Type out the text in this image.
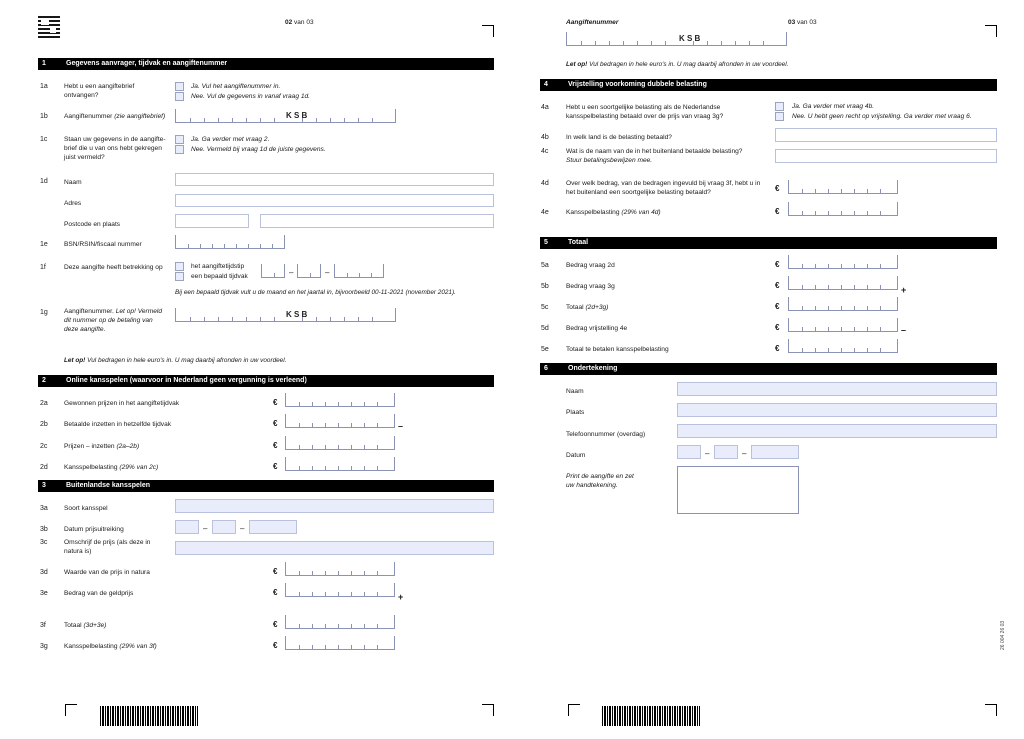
02 van 03
1	Gegevens aanvrager, tijdvak en aangiftenummer
1a Hebt u een aangiftebrief ontvangen?
Ja. Vul het aangiftenummer in.
Nee. Vul de gegevens in vanaf vraag 1d.
1b Aangiftenummer (zie aangiftebrief)	K S B
1c	Staan uw gegevens in de aangifte-brief die u van ons hebt gekregen juist vermeld?
Ja. Ga verder met vraag 2.
Nee. Vermeld bij vraag 1d de juiste gegevens.
1d Naam
Adres
Postcode en plaats
1e BSN/RSIN/fiscaal nummer
1f	Deze aangifte heeft betrekking op	het aangiftetijdstip
een bepaald tijdvak	–	–
Bij een bepaald tijdvak vult u de maand en het jaartal in, bijvoorbeeld 00-11-2021 (november 2021).
1g Aangiftenummer. Let op! Vermeld dit nummer op de betaling van deze aangifte.
K S B
Let op! Vul bedragen in hele euro's in. U mag daarbij afronden in uw voordeel.
2	Online kansspelen (waarvoor in Nederland geen vergunning is verleend)
2a Gewonnen prijzen in het aangiftetijdvak	€
2b Betaalde inzetten in hetzelfde tijdvak	€	–
2c	Prijzen – inzetten (2a–2b)	€
2d Kansspelbelasting (29% van 2c)	€
3	Buitenlandse kansspelen
3a Soort kansspel
3b Datum prijsuitreiking	–	–
3c	Omschrijf de prijs (als deze in natura is)
3d Waarde van de prijs in natura	€
3e Bedrag van de geldprijs	€	+
3f	Totaal (3d+3e)	€
3g Kansspelbelasting (29% van 3f)	€
Aangiftenummer	03 van 03
K S B
Let op! Vul bedragen in hele euro's in. U mag daarbij afronden in uw voordeel.
4	Vrijstelling voorkoming dubbele belasting
4a	Hebt u een soortgelijke belasting als de Nederlandse kansspelbelasting betaald over de prijs van vraag 3g?
Ja. Ga verder met vraag 4b.
Nee. U hebt geen recht op vrijstelling. Ga verder met vraag 6.
4b	In welk land is de belasting betaald?
4c	Wat is de naam van de in het buitenland betaalde belasting?
Stuur betalingsbewijzen mee.
4d	Over welk bedrag, van de bedragen ingevuld bij vraag 3f, hebt u in het buitenland een soortgelijke belasting betaald?	€
4e	Kansspelbelasting (29% van 4d)	€
5	Totaal
5a	Bedrag vraag 2d	€
5b	Bedrag vraag 3g	€	+
5c	Totaal (2d+3g)	€
5d	Bedrag vrijstelling 4e	€	–
5e	Totaal te betalen kansspelbelasting	€
6	Ondertekening
Naam
Plaats
Telefoonnummer (overdag)
Datum	–	–
Print de aangifte en zet uw handtekening.
26 004 26 03
